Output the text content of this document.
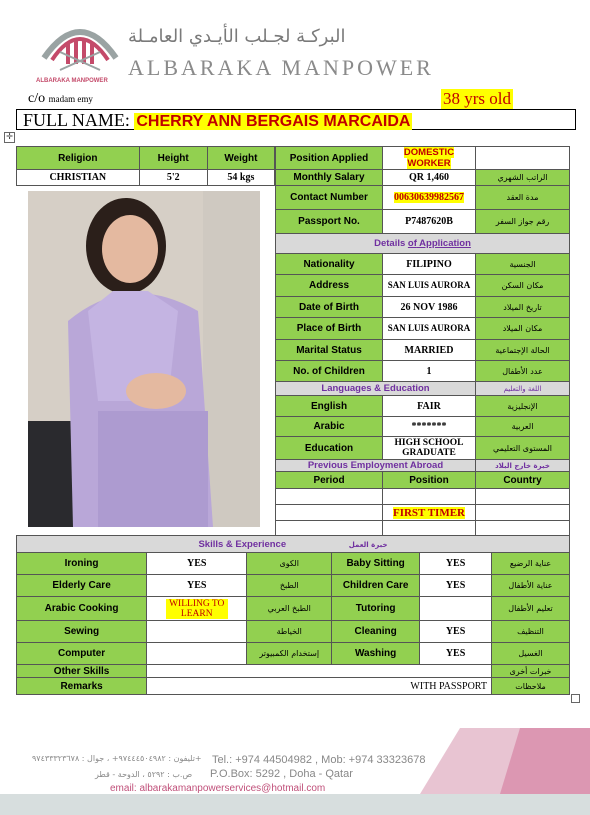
ALBARAKA MANPOWER
البركـة لجـلب الأيـدي العامـلة
ALBARAKA MANPOWER
c/o madam emy	38 yrs old
FULL NAME: CHERRY ANN BERGAIS MARCAIDA
✛
Religion	Height	Weight
CHRISTIAN	5'2	54 kgs
Position Applied	DOMESTIC WORKER	
Monthly Salary	QR 1,460	الراتب الشهري
Contact Number	00630639982567	مدة العقد
Passport No.	P7487620B	رقم جواز السفر
Details of Application		
Nationality	FILIPINO	الجنسية
Address	SAN LUIS AURORA	مكان السكن
Date of Birth	26 NOV 1986	تاريخ الميلاد
Place of Birth	SAN LUIS AURORA	مكان الميلاد
Marital Status	MARRIED	الحالة الإجتماعية
No. of Children	1	عدد الأطفال
Languages & Education		اللغة والتعليم
English	FAIR	الإنجليزية
Arabic	*******	العربية
Education	HIGH SCHOOL GRADUATE	المستوى التعليمي
Previous Employment Abroad		خبرة خارج البلاد
Period	Position	Country

	FIRST TIMER	

Skills & Experience خبرة العمل					
Ironing	YES	الكوى	Baby Sitting	YES	عناية الرضيع
Elderly Care	YES	الطبخ	Children Care	YES	عناية الأطفال
Arabic Cooking	WILLING TO LEARN	الطبخ العربي	Tutoring		تعليم الأطفال
Sewing		الخياطة	Cleaning	YES	التنظيف
Computer		إستخدام الكمبيوتر	Washing	YES	الغسيل
Other Skills					خبرات أخرى
Remarks	WITH PASSPORT				ملاحظات
تليفون : ٩٧٤٤٤٥٠٤٩٨٢+ ، جوال : ٩٧٤٣٣٣٢٣٦٧٨+
ص.ب : ٥٢٩٢ ، الدوحة - قطر
Tel.: +974 44504982 , Mob: +974 33323678
P.O.Box: 5292 , Doha - Qatar
email: albarakamanpowerservices@hotmail.com
